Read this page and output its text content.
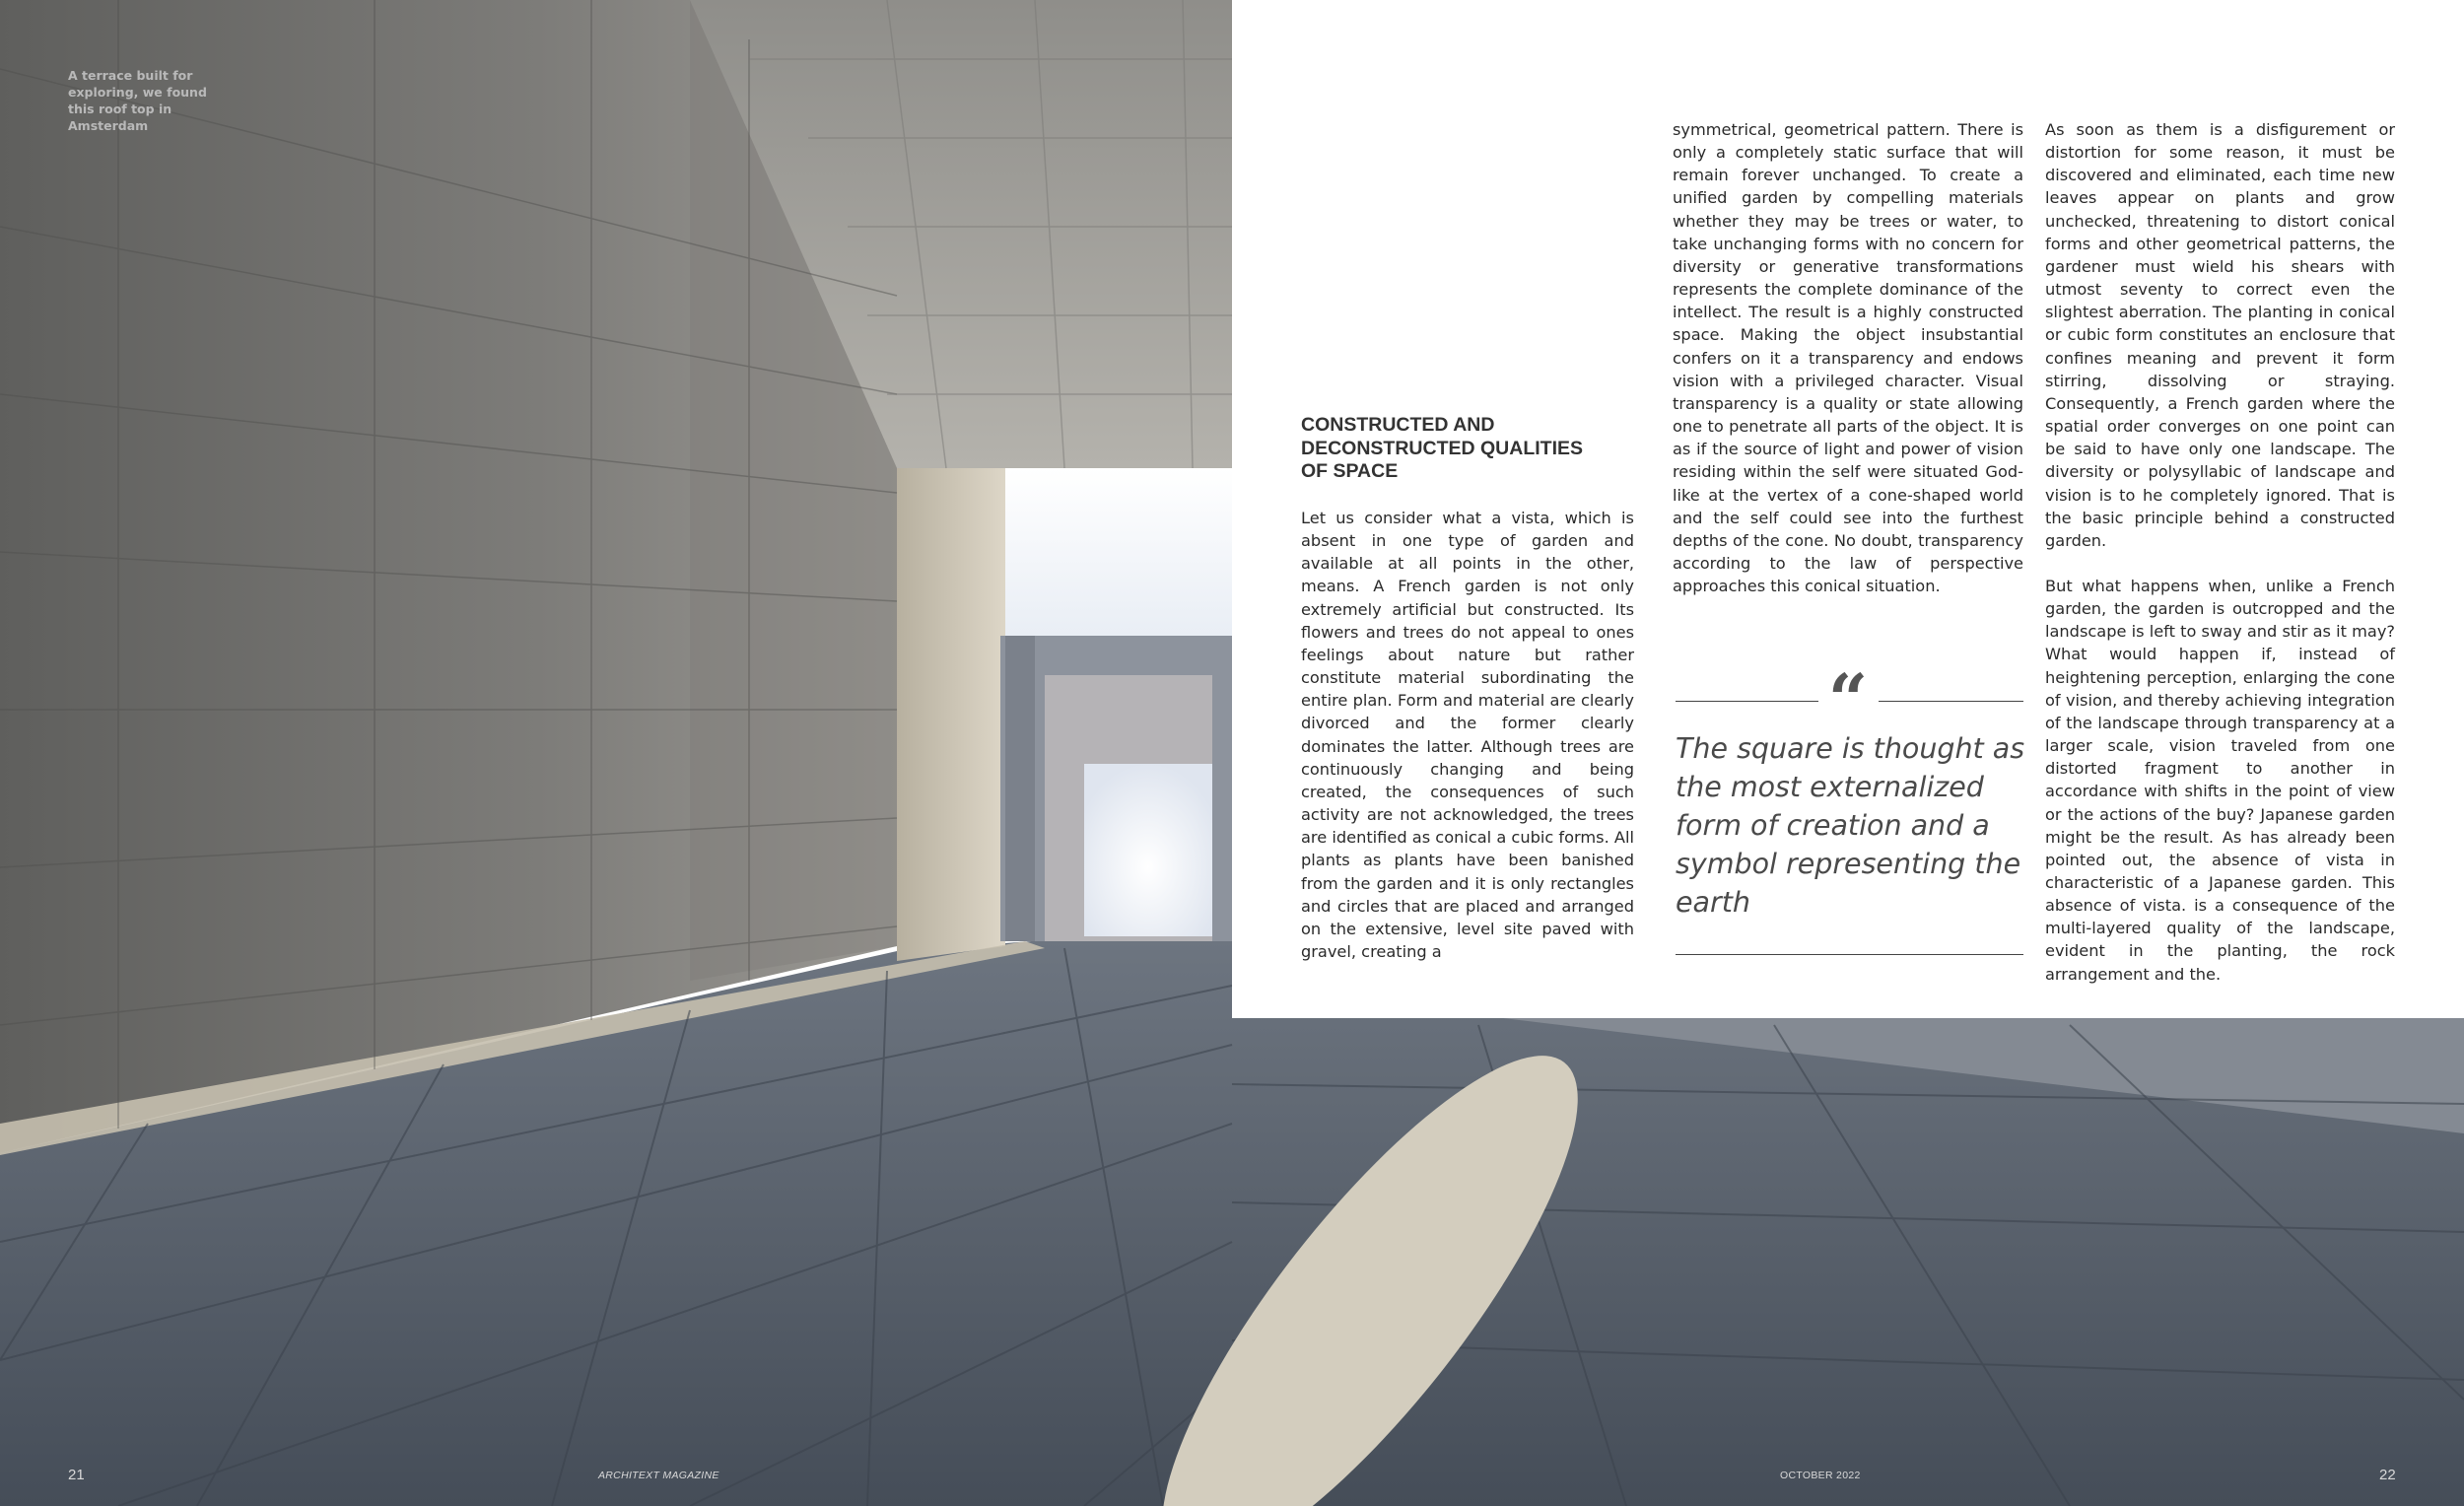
A terrace built for exploring, we found this roof top in Amsterdam
CONSTRUCTED AND DECONSTRUCTED QUALITIES OF SPACE

Let us consider what a vista, which is absent in one type of garden and available at all points in the other, means. A French garden is not only extremely artificial but constructed. Its flowers and trees do not appeal to ones feelings about nature but rather constitute material subordinating the entire plan. Form and material are clearly divorced and the former clearly dominates the latter. Although trees are continuously changing and being created, the consequences of such activity are not acknowledged, the trees are identified as conical a cubic forms. All plants as plants have been banished from the garden and it is only rectangles and circles that are placed and arranged on the extensive, level site paved with gravel, creating a

symmetrical, geometrical pattern. There is only a completely static surface that will remain forever unchanged. To create a unified garden by compelling materials whether they may be trees or water, to take unchanging forms with no concern for diversity or generative transformations represents the complete dominance of the intellect. The result is a highly constructed space. Making the object insubstantial confers on it a transparency and endows vision with a privileged character. Visual transparency is a quality or state allowing one to penetrate all parts of the object. It is as if the source of light and power of vision residing within the self were situated God-like at the vertex of a cone-shaped world and the self could see into the furthest depths of the cone. No doubt, transparency according to the law of perspective approaches this conical situation.

“

The square is thought as the most externalized form of creation and a symbol representing the earth

As soon as them is a disfigurement or distortion for some reason, it must be discovered and eliminated, each time new leaves appear on plants and grow unchecked, threatening to distort conical forms and other geometrical patterns, the gardener must wield his shears with utmost seventy to correct even the slightest aberration. The planting in conical or cubic form constitutes an enclosure that confines meaning and prevent it form stirring, dissolving or straying. Consequently, a French garden where the spatial order converges on one point can be said to have only one landscape. The diversity or polysyllabic of landscape and vision is to he completely ignored. That is the basic principle behind a constructed garden.

But what happens when, unlike a French garden, the garden is outcropped and the landscape is left to sway and stir as it may? What would happen if, instead of heightening perception, enlarging the cone of vision, and thereby achieving integration of the landscape through transparency at a larger scale, vision traveled from one distorted fragment to another in accordance with shifts in the point of view or the actions of the buy? Japanese garden might be the result. As has already been pointed out, the absence of vista in characteristic of a Japanese garden. This absence of vista. is a consequence of the multi-layered quality of the landscape, evident in the planting, the rock arrangement and the.

21	ARCHITEXT MAGAZINE	OCTOBER 2022	22
